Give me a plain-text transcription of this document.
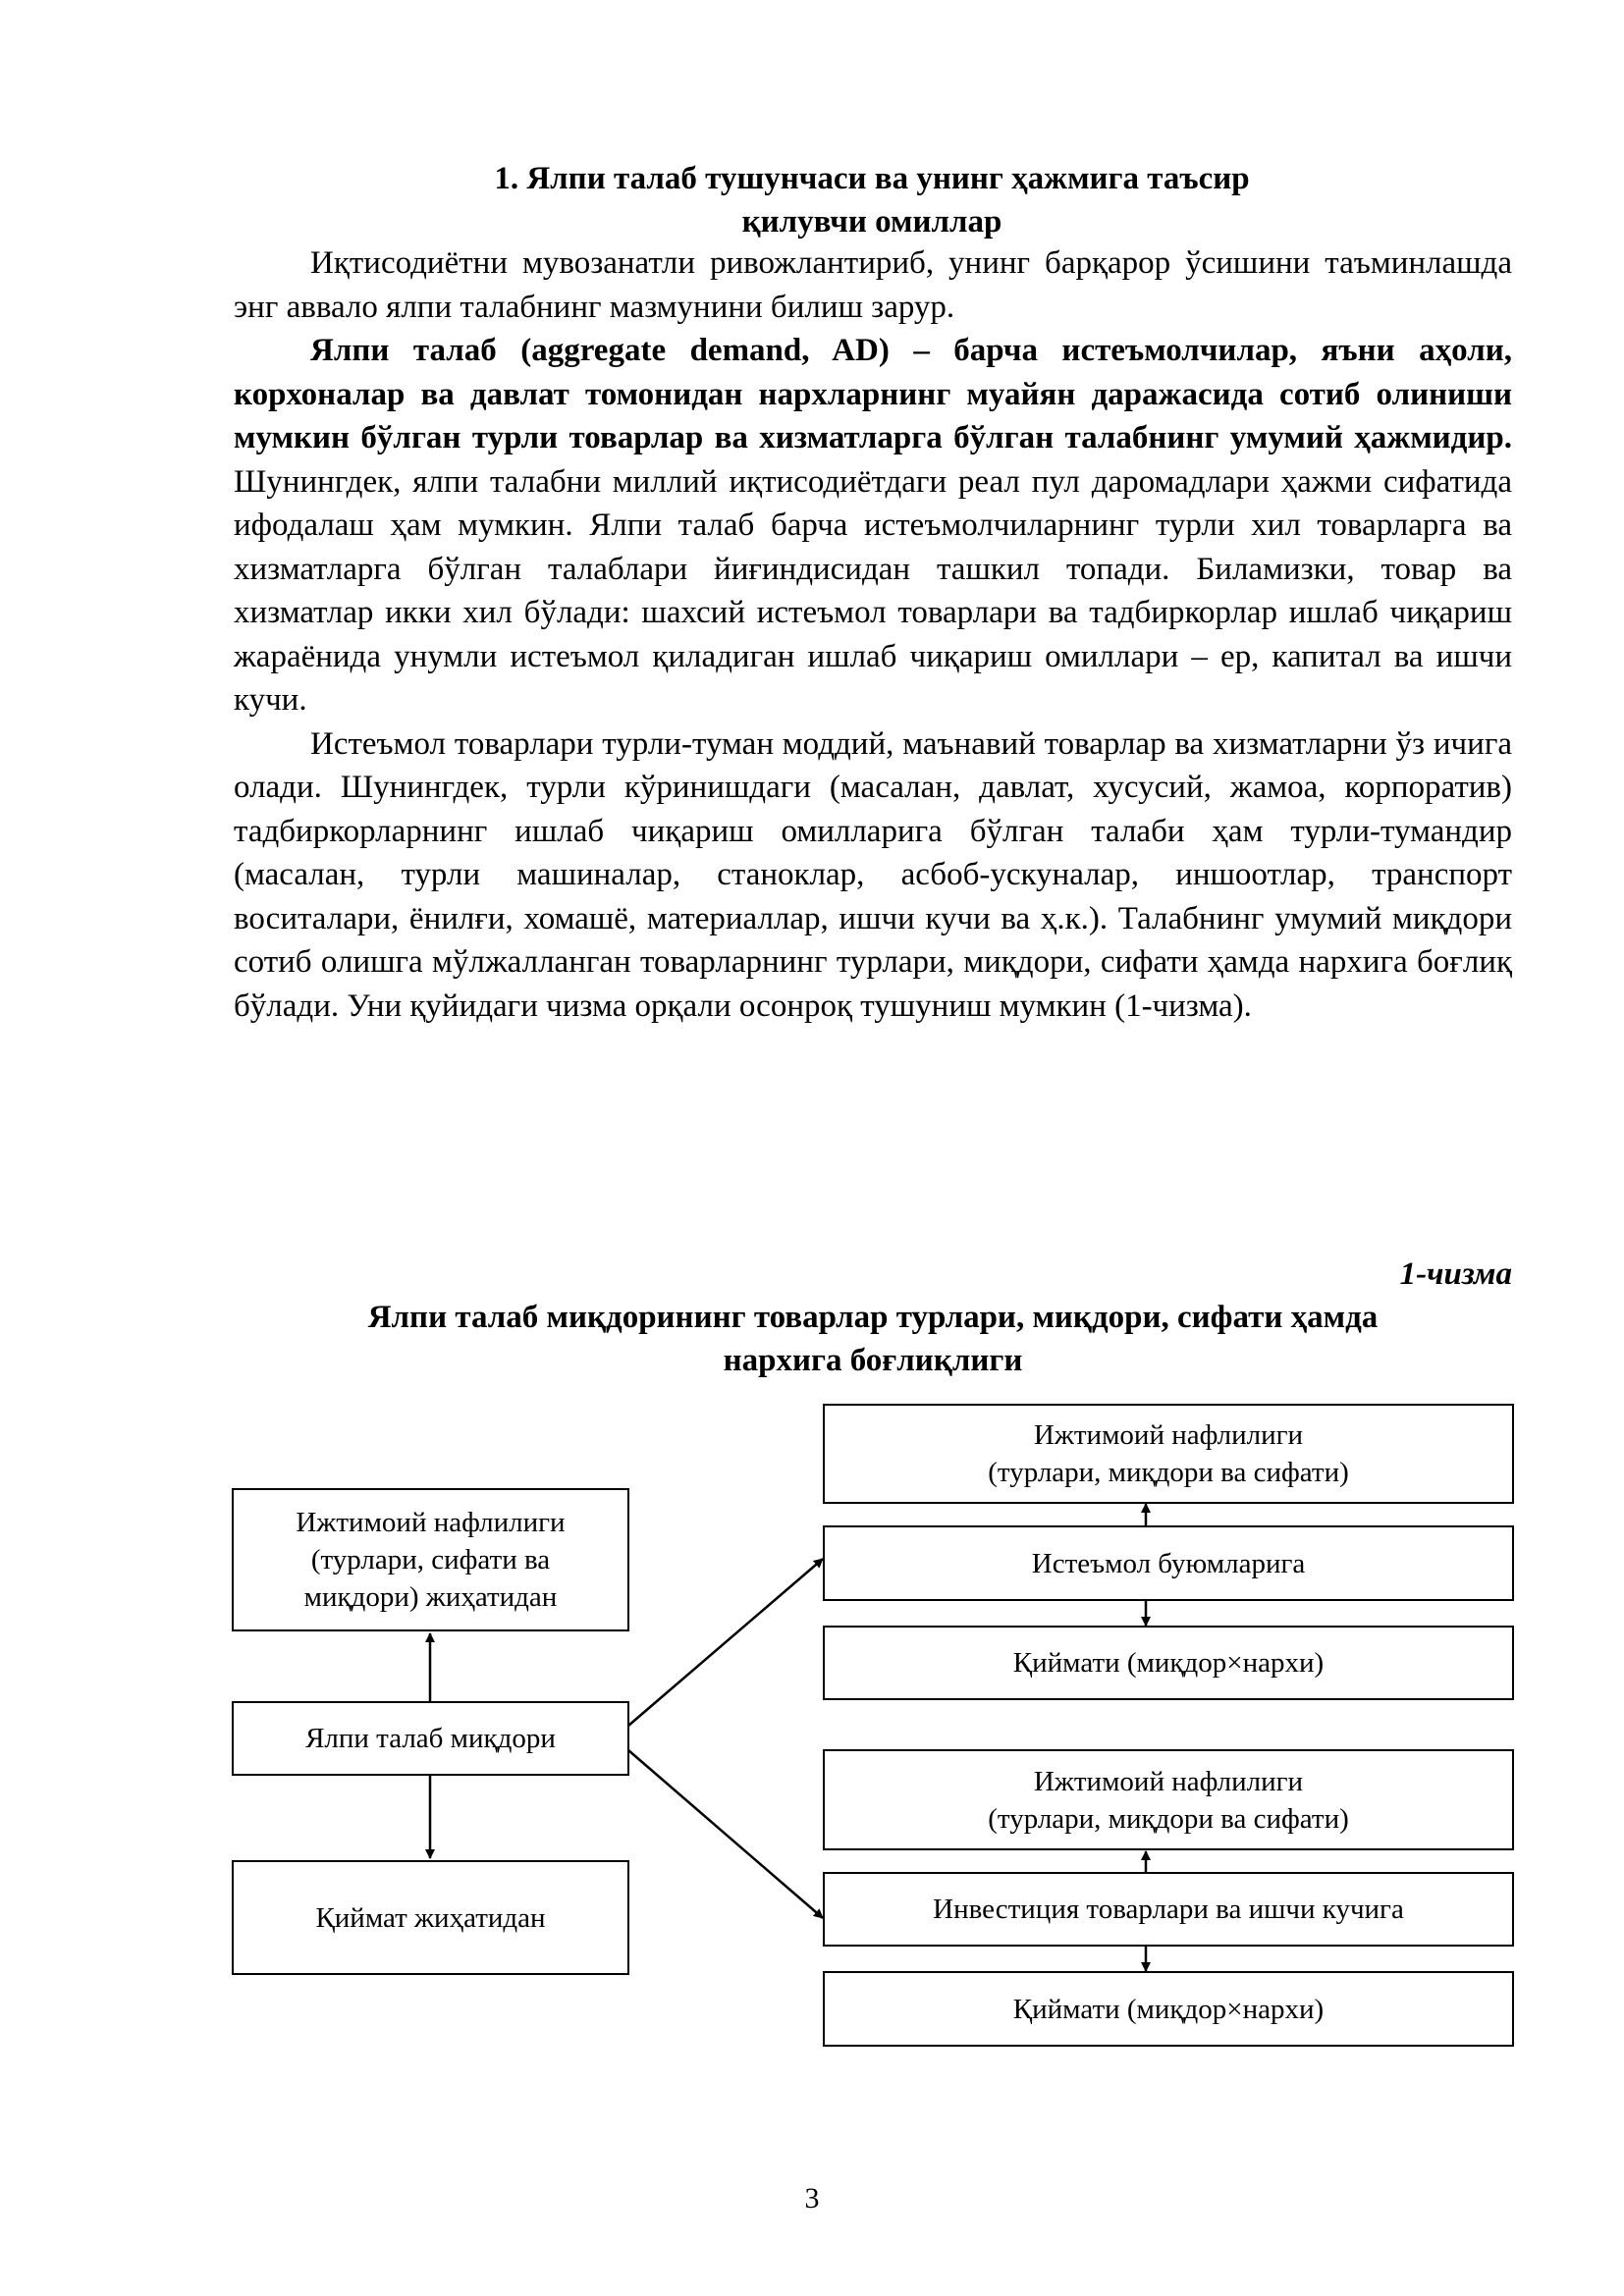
1. Ялпи талаб тушунчаси ва унинг ҳажмига таъсир
қилувчи омиллар

Иқтисодиётни мувозанатли ривожлантириб, унинг барқарор ўсишини таъминлашда энг аввало ялпи талабнинг мазмунини билиш зарур.

Ялпи талаб (aggregate demand, AD) – барча истеъмолчилар, яъни аҳоли, корхоналар ва давлат томонидан нархларнинг муайян даражасида сотиб олиниши мумкин бўлган турли товарлар ва хизматларга бўлган талабнинг умумий ҳажмидир. Шунингдек, ялпи талабни миллий иқтисодиётдаги реал пул даромадлари ҳажми сифатида ифодалаш ҳам мумкин. Ялпи талаб барча истеъмолчиларнинг турли хил товарларга ва хизматларга бўлган талаблари йиғиндисидан ташкил топади. Биламизки, товар ва хизматлар икки хил бўлади: шахсий истеъмол товарлари ва тадбиркорлар ишлаб чиқариш жараёнида унумли истеъмол қиладиган ишлаб чиқариш омиллари – ер, капитал ва ишчи кучи.

Истеъмол товарлари турли-туман моддий, маънавий товарлар ва хизматларни ўз ичига олади. Шунингдек, турли кўринишдаги (масалан, давлат, хусусий, жамоа, корпоратив) тадбиркорларнинг ишлаб чиқариш омилларига бўлган талаби ҳам турли-тумандир (масалан, турли машиналар, станоклар, асбоб-ускуналар, иншоотлар, транспорт воситалари, ёнилғи, хомашё, материаллар, ишчи кучи ва ҳ.к.). Талабнинг умумий миқдори сотиб олишга мўлжалланган товарларнинг турлари, миқдори, сифати ҳамда нархига боғлиқ бўлади. Уни қуйидаги чизма орқали осонроқ тушуниш мумкин (1-чизма).

1-чизма
Ялпи талаб миқдорининг товарлар турлари, миқдори, сифати ҳамда
нархига боғлиқлиги
Ижтимоий нафлилиги
(турлари, сифати ва
миқдори) жиҳатидан
Ялпи талаб миқдори
Қиймат жиҳатидан
Ижтимоий нафлилиги
(турлари, миқдори ва сифати)
Истеъмол буюмларига
Қиймати (миқдор×нархи)
Ижтимоий нафлилиги
(турлари, миқдори ва сифати)
Инвестиция товарлари ва ишчи кучига
Қиймати (миқдор×нархи)
3
